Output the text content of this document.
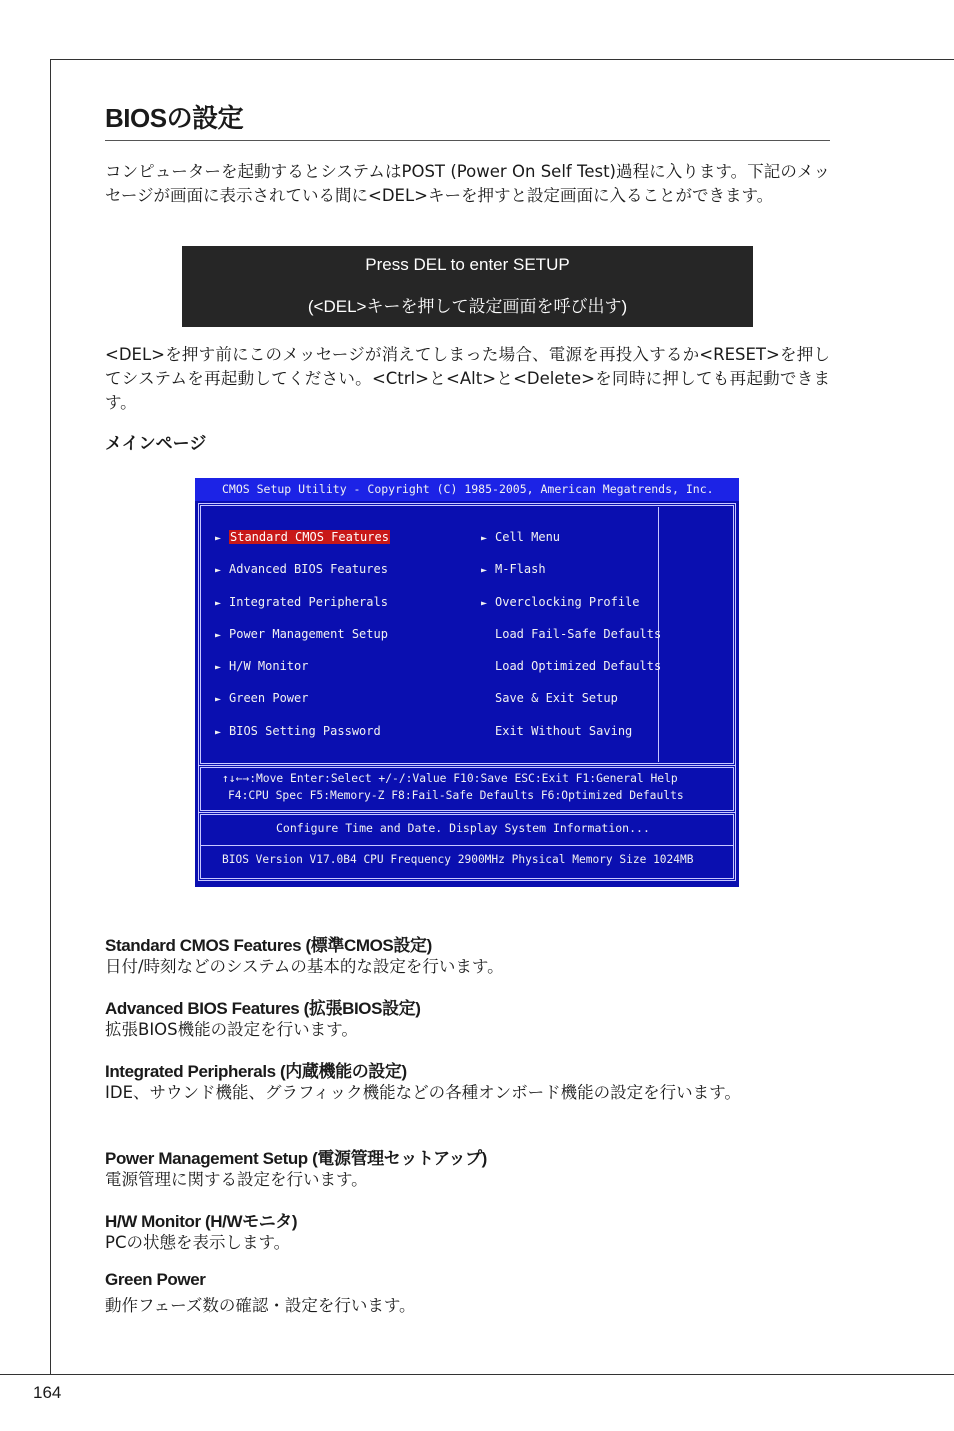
BIOSの設定

コンピューターを起動するとシステムはPOST (Power On Self Test)過程に入ります。下記のメッセージが画面に表示されている間に<DEL>キーを押すと設定画面に入ることができます。

Press DEL to enter SETUP
(<DEL>キーを押して設定画面を呼び出す)

<DEL>を押す前にこのメッセージが消えてしまった場合、電源を再投入するか<RESET>を押してシステムを再起動してください。<Ctrl>と<Alt>と<Delete>を同時に押しても再起動できます。

メインページ
CMOS Setup Utility - Copyright (C) 1985-2005, American Megatrends, Inc.
► Standard CMOS Features
► Advanced BIOS Features
► Integrated Peripherals
► Power Management Setup
► H/W Monitor
► Green Power
► BIOS Setting Password
► Cell Menu
► M-Flash
► Overclocking Profile
Load Fail-Safe Defaults
Load Optimized Defaults
Save & Exit Setup
Exit Without Saving
↑↓←→:Move Enter:Select +/-/:Value F10:Save ESC:Exit F1:General Help
F4:CPU Spec F5:Memory-Z F8:Fail-Safe Defaults F6:Optimized Defaults
Configure Time and Date. Display System Information...
BIOS Version V17.0B4 CPU Frequency 2900MHz Physical Memory Size 1024MB
Standard CMOS Features (標準CMOS設定)
日付/時刻などのシステムの基本的な設定を行います。
Advanced BIOS Features (拡張BIOS設定)
拡張BIOS機能の設定を行います。
Integrated Peripherals (内蔵機能の設定)
IDE、サウンド機能、グラフィック機能などの各種オンボード機能の設定を行います。
Power Management Setup (電源管理セットアップ)
電源管理に関する設定を行います。
H/W Monitor (H/Wモニタ)
PCの状態を表示します。
Green Power
動作フェーズ数の確認・設定を行います。
164
